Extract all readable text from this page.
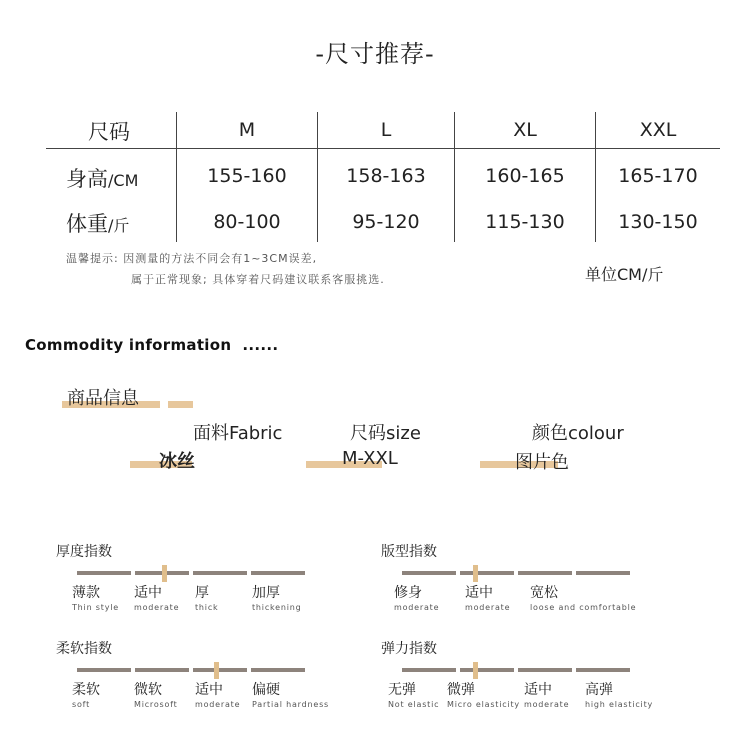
-尺寸推荐-
尺码	M	L	XL	XXL
身高/CM	155-160	158-163	160-165	165-170
体重/斤	80-100	95-120	115-130	130-150
温馨提示: 因测量的方法不同会有1~3CM误差,
属于正常现象; 具体穿着尺码建议联系客服挑选.	单位CM/斤
Commodity information  ......
商品信息
面料Fabric	尺码size	颜色colour
冰丝	M-XXL	图片色
厚度指数
薄款
Thin style
适中
moderate
厚
thick
加厚
thickening
版型指数
修身
moderate
适中
moderate
宽松
loose and comfortable
柔软指数
柔软
soft
微软
Microsoft
适中
moderate
偏硬
Partial hardness
弹力指数
无弹
Not elastic
微弹
Micro elasticity
适中
moderate
高弹
high elasticity
